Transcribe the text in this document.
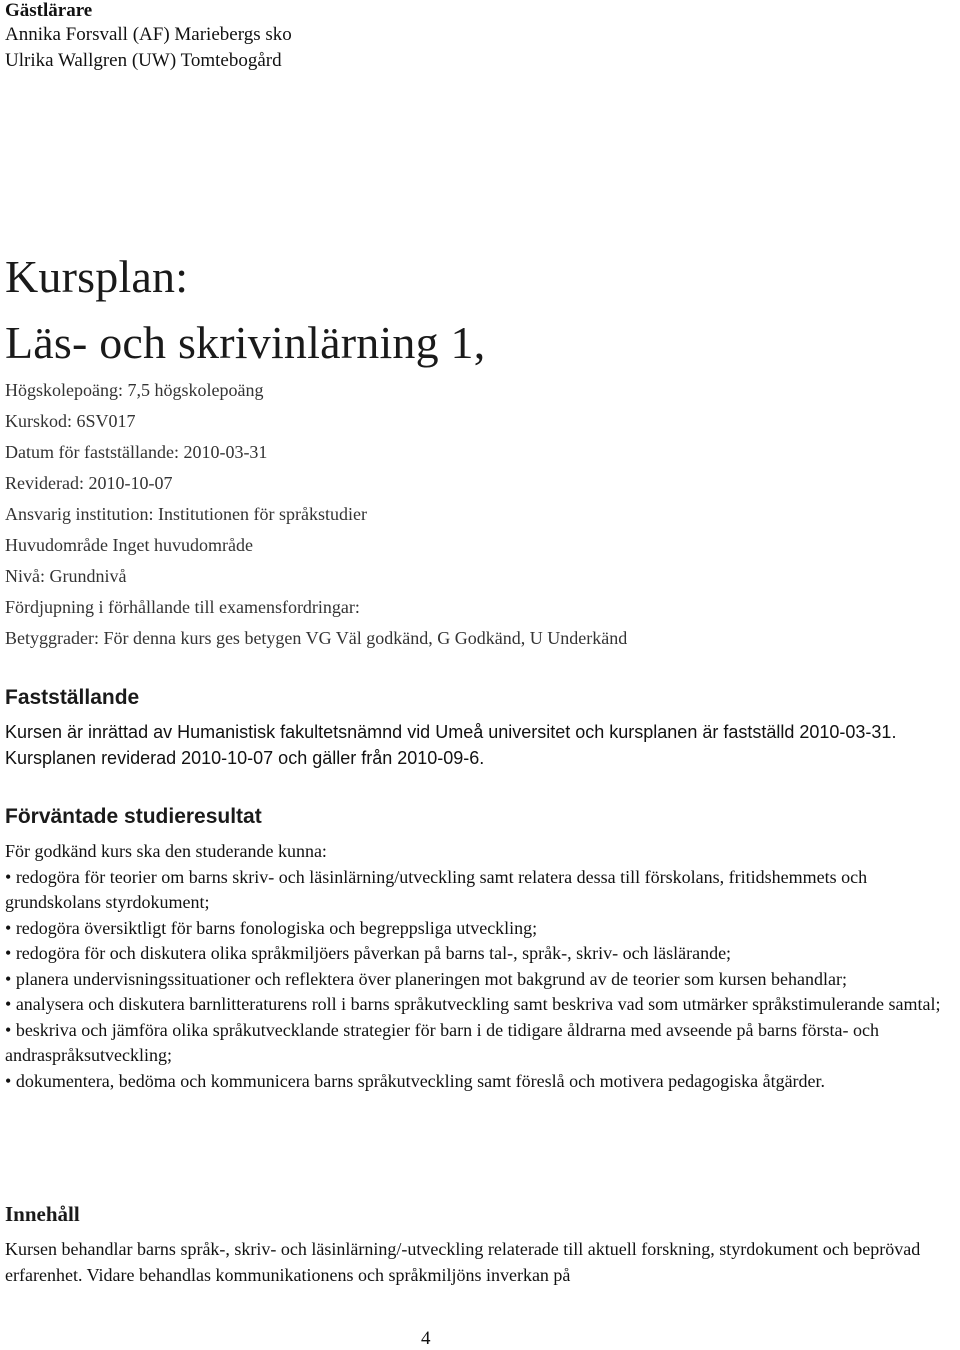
Gästlärare
Annika Forsvall (AF) Mariebergs sko
Ulrika Wallgren (UW) Tomtebogård
Kursplan:
Läs- och skrivinlärning 1,
Högskolepoäng: 7,5 högskolepoäng
Kurskod: 6SV017
Datum för fastställande: 2010-03-31
Reviderad: 2010-10-07
Ansvarig institution: Institutionen för språkstudier
Huvudområde Inget huvudområde
Nivå: Grundnivå
Fördjupning i förhållande till examensfordringar:
Betyggrader: För denna kurs ges betygen VG Väl godkänd, G Godkänd, U Underkänd
Fastställande

Kursen är inrättad av Humanistisk fakultetsnämnd vid Umeå universitet och kursplanen är fastställd 2010-03-31. Kursplanen reviderad 2010-10-07 och gäller från 2010-09-6.

Förväntade studieresultat

För godkänd kurs ska den studerande kunna:

• redogöra för teorier om barns skriv- och läsinlärning/utveckling samt relatera dessa till förskolans, fritidshemmets och grundskolans styrdokument;
• redogöra översiktligt för barns fonologiska och begreppsliga utveckling;
• redogöra för och diskutera olika språkmiljöers påverkan på barns tal-, språk-, skriv- och läslärande;
• planera undervisningssituationer och reflektera över planeringen mot bakgrund av de teorier som kursen behandlar;
• analysera och diskutera barnlitteraturens roll i barns språkutveckling samt beskriva vad som utmärker språkstimulerande samtal;
• beskriva och jämföra olika språkutvecklande strategier för barn i de tidigare åldrarna med avseende på barns första- och andraspråksutveckling;
• dokumentera, bedöma och kommunicera barns språkutveckling samt föreslå och motivera pedagogiska åtgärder.
Innehåll

Kursen behandlar barns språk-, skriv- och läsinlärning/-utveckling relaterade till aktuell forskning, styrdokument och beprövad erfarenhet. Vidare behandlas kommunikationens och språkmiljöns inverkan på

4
